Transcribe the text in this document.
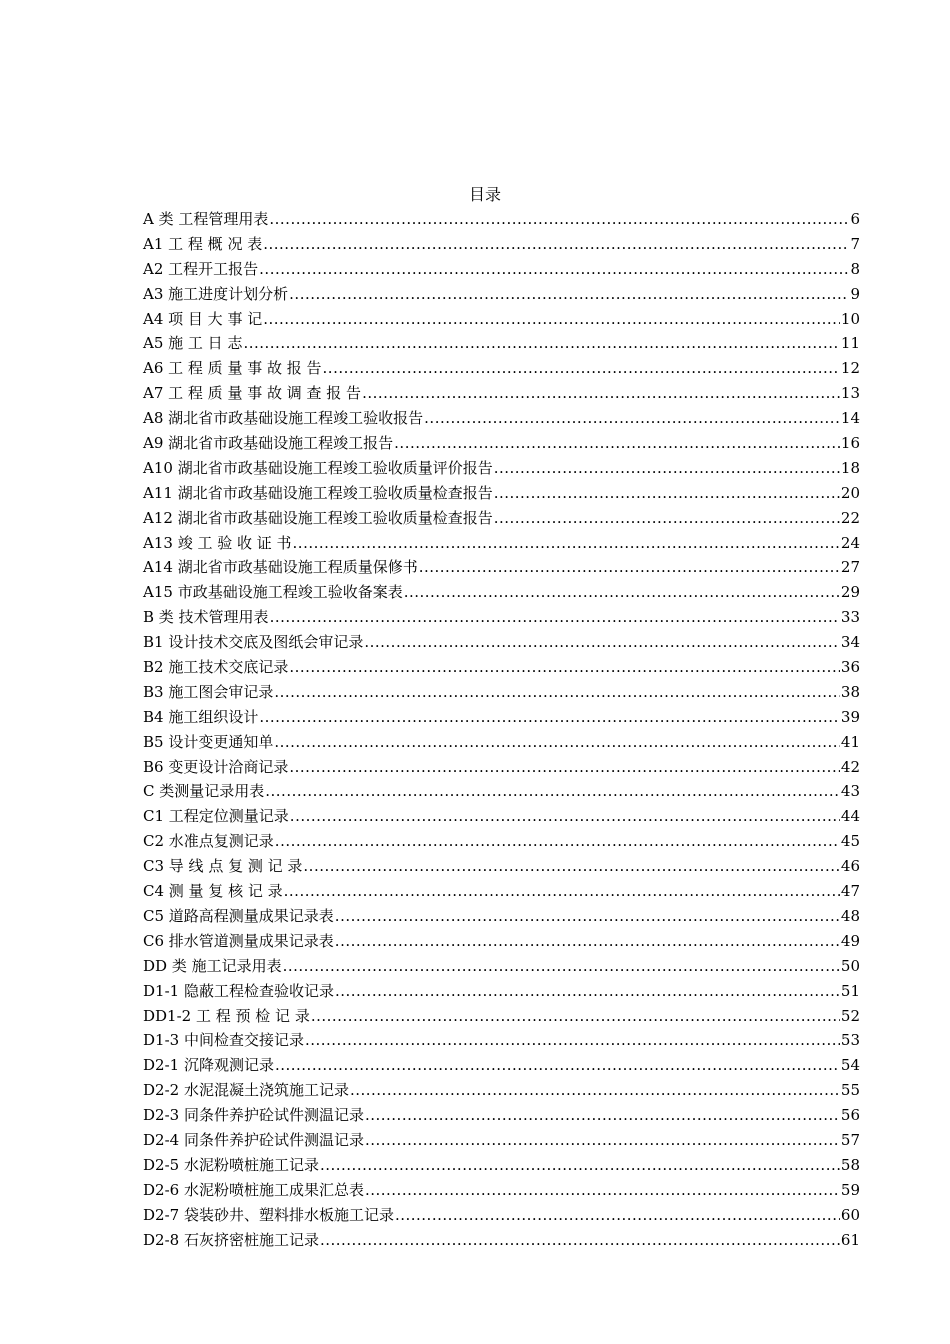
目录
A 类 工程管理用表 .....	6
A1 工 程 概 况 表 .....	7
A2 工程开工报告 .....	8
A3 施工进度计划分析 .....	9
A4 项 目 大 事 记 .....	10
A5 施 工 日 志 .....	11
A6 工 程 质 量 事 故 报 告 .....	12
A7 工 程 质 量 事 故 调 查 报 告 .....	13
A8 湖北省市政基础设施工程竣工验收报告 .....	14
A9 湖北省市政基础设施工程竣工报告 .....	16
A10 湖北省市政基础设施工程竣工验收质量评价报告 .....	18
A11 湖北省市政基础设施工程竣工验收质量检查报告 .....	20
A12 湖北省市政基础设施工程竣工验收质量检查报告 .....	22
A13 竣 工 验 收 证 书 .....	24
A14 湖北省市政基础设施工程质量保修书 .....	27
A15 市政基础设施工程竣工验收备案表 .....	29
B 类 技术管理用表 .....	33
B1 设计技术交底及图纸会审记录 .....	34
B2 施工技术交底记录 .....	36
B3 施工图会审记录 .....	38
B4 施工组织设计 .....	39
B5 设计变更通知单 .....	41
B6 变更设计洽商记录 .....	42
C 类测量记录用表 .....	43
C1 工程定位测量记录 .....	44
C2 水准点复测记录 .....	45
C3 导 线 点 复 测 记 录 .....	46
C4 测 量 复 核 记 录 .....	47
C5 道路高程测量成果记录表 .....	48
C6 排水管道测量成果记录表 .....	49
DD 类 施工记录用表 .....	50
D1-1 隐蔽工程检查验收记录 .....	51
DD1-2 工 程 预 检 记 录 .....	52
D1-3 中间检查交接记录 .....	53
D2-1 沉降观测记录 .....	54
D2-2 水泥混凝土浇筑施工记录 .....	55
D2-3 同条件养护砼试件测温记录 .....	56
D2-4 同条件养护砼试件测温记录 .....	57
D2-5 水泥粉喷桩施工记录 .....	58
D2-6 水泥粉喷桩施工成果汇总表 .....	59
D2-7 袋装砂井、塑料排水板施工记录 .....	60
D2-8 石灰挤密桩施工记录 .....	61
